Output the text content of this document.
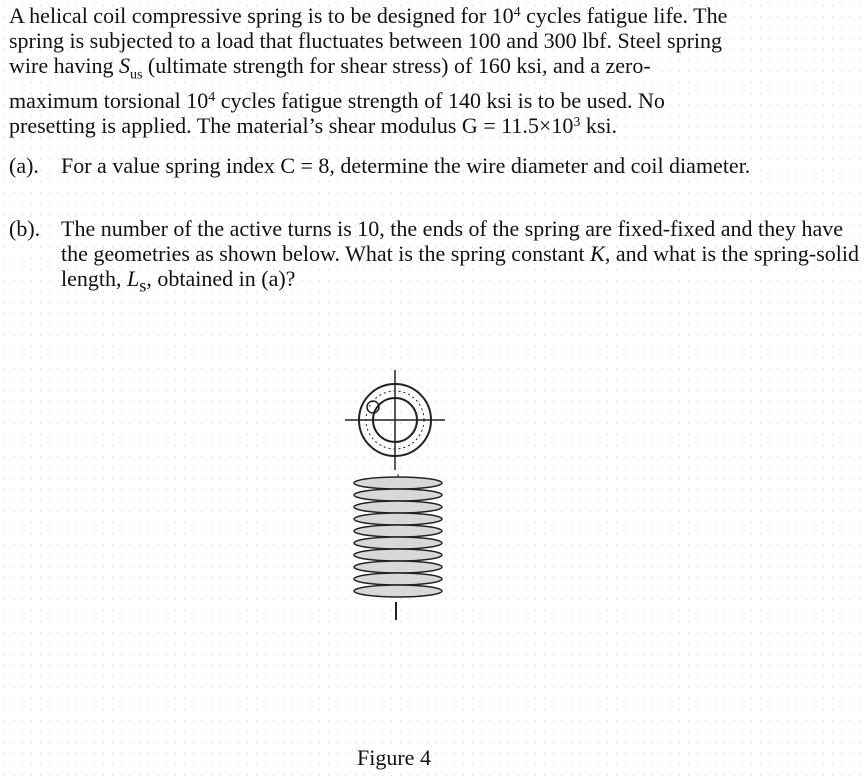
A helical coil compressive spring is to be designed for $10^4$ cycles fatigue life. The
spring is subjected to a load that fluctuates between 100 and 300 lbf. Steel spring
wire having $S_{us}$ (ultimate strength for shear stress) of 160 ksi, and a zero-
maximum torsional $10^4$ cycles fatigue strength of 140 ksi is to be used. No
presetting is applied. The material’s shear modulus $G = 11.5\times 10^3$ ksi.

(a). For a value spring index C = 8, determine the wire diameter and coil diameter.
(b). The number of the active turns is 10, the ends of the spring are fixed-fixed and they have the geometries as shown below. What is the spring constant K, and what is the spring-solid length, $L_s$, obtained in (a)?
Figure 4
